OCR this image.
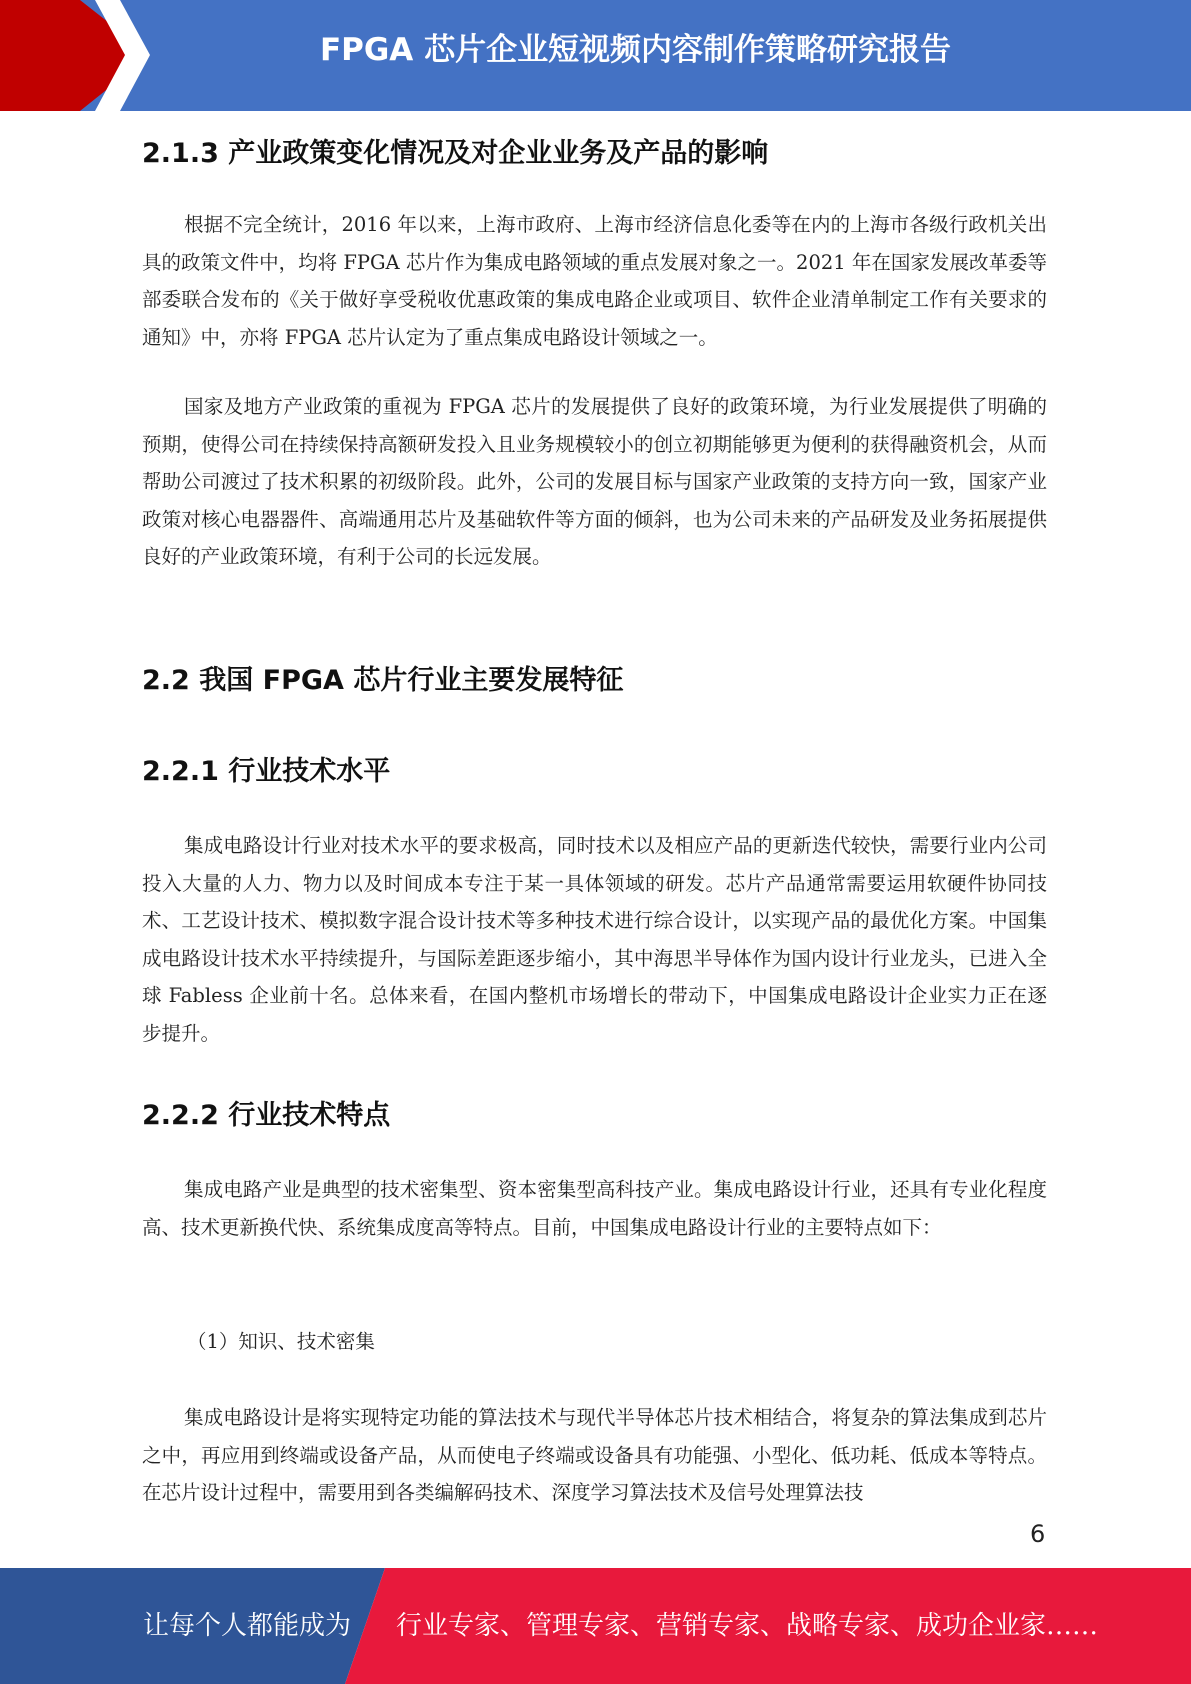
FPGA 芯片企业短视频内容制作策略研究报告
2.1.3 产业政策变化情况及对企业业务及产品的影响

根据不完全统计，2016 年以来，上海市政府、上海市经济信息化委等在内的上海市各级行政机关出具的政策文件中，均将 FPGA 芯片作为集成电路领域的重点发展对象之一。2021 年在国家发展改革委等部委联合发布的《关于做好享受税收优惠政策的集成电路企业或项目、软件企业清单制定工作有关要求的通知》中，亦将 FPGA 芯片认定为了重点集成电路设计领域之一。

国家及地方产业政策的重视为 FPGA 芯片的发展提供了良好的政策环境，为行业发展提供了明确的预期，使得公司在持续保持高额研发投入且业务规模较小的创立初期能够更为便利的获得融资机会，从而帮助公司渡过了技术积累的初级阶段。此外，公司的发展目标与国家产业政策的支持方向一致，国家产业政策对核心电器器件、高端通用芯片及基础软件等方面的倾斜，也为公司未来的产品研发及业务拓展提供良好的产业政策环境，有利于公司的长远发展。

2.2 我国 FPGA 芯片行业主要发展特征
2.2.1 行业技术水平

集成电路设计行业对技术水平的要求极高，同时技术以及相应产品的更新迭代较快，需要行业内公司投入大量的人力、物力以及时间成本专注于某一具体领域的研发。芯片产品通常需要运用软硬件协同技术、工艺设计技术、模拟数字混合设计技术等多种技术进行综合设计，以实现产品的最优化方案。中国集成电路设计技术水平持续提升，与国际差距逐步缩小，其中海思半导体作为国内设计行业龙头，已进入全球 Fabless 企业前十名。总体来看，在国内整机市场增长的带动下，中国集成电路设计企业实力正在逐步提升。

2.2.2 行业技术特点

集成电路产业是典型的技术密集型、资本密集型高科技产业。集成电路设计行业，还具有专业化程度高、技术更新换代快、系统集成度高等特点。目前，中国集成电路设计行业的主要特点如下：

（1）知识、技术密集

集成电路设计是将实现特定功能的算法技术与现代半导体芯片技术相结合，将复杂的算法集成到芯片之中，再应用到终端或设备产品，从而使电子终端或设备具有功能强、小型化、低功耗、低成本等特点。在芯片设计过程中，需要用到各类编解码技术、深度学习算法技术及信号处理算法技

6
让每个人都能成为 行业专家、管理专家、营销专家、战略专家、成功企业家……
